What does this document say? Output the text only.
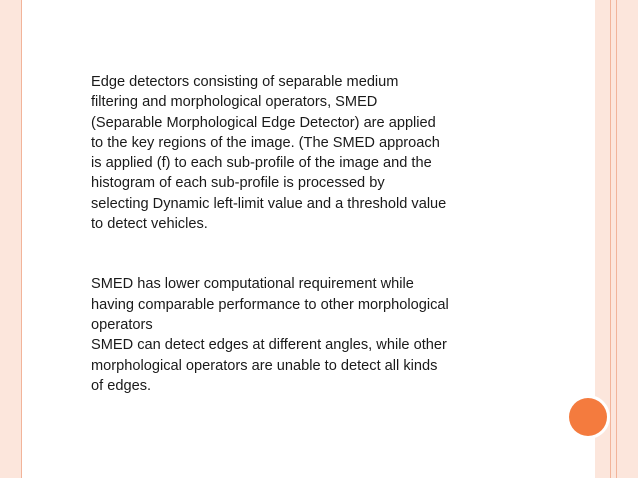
Edge detectors consisting of separable medium
filtering and morphological operators, SMED
(Separable Morphological Edge Detector) are applied
to the key regions of the image. (The SMED approach
is applied (f) to each sub-profile of the image and the
histogram of each sub-profile is processed by
selecting Dynamic left-limit value and a threshold value
to detect vehicles.

SMED has lower computational requirement while
having comparable performance to other morphological
operators
SMED can detect edges at different angles, while other
morphological operators are unable to detect all kinds
of edges.
